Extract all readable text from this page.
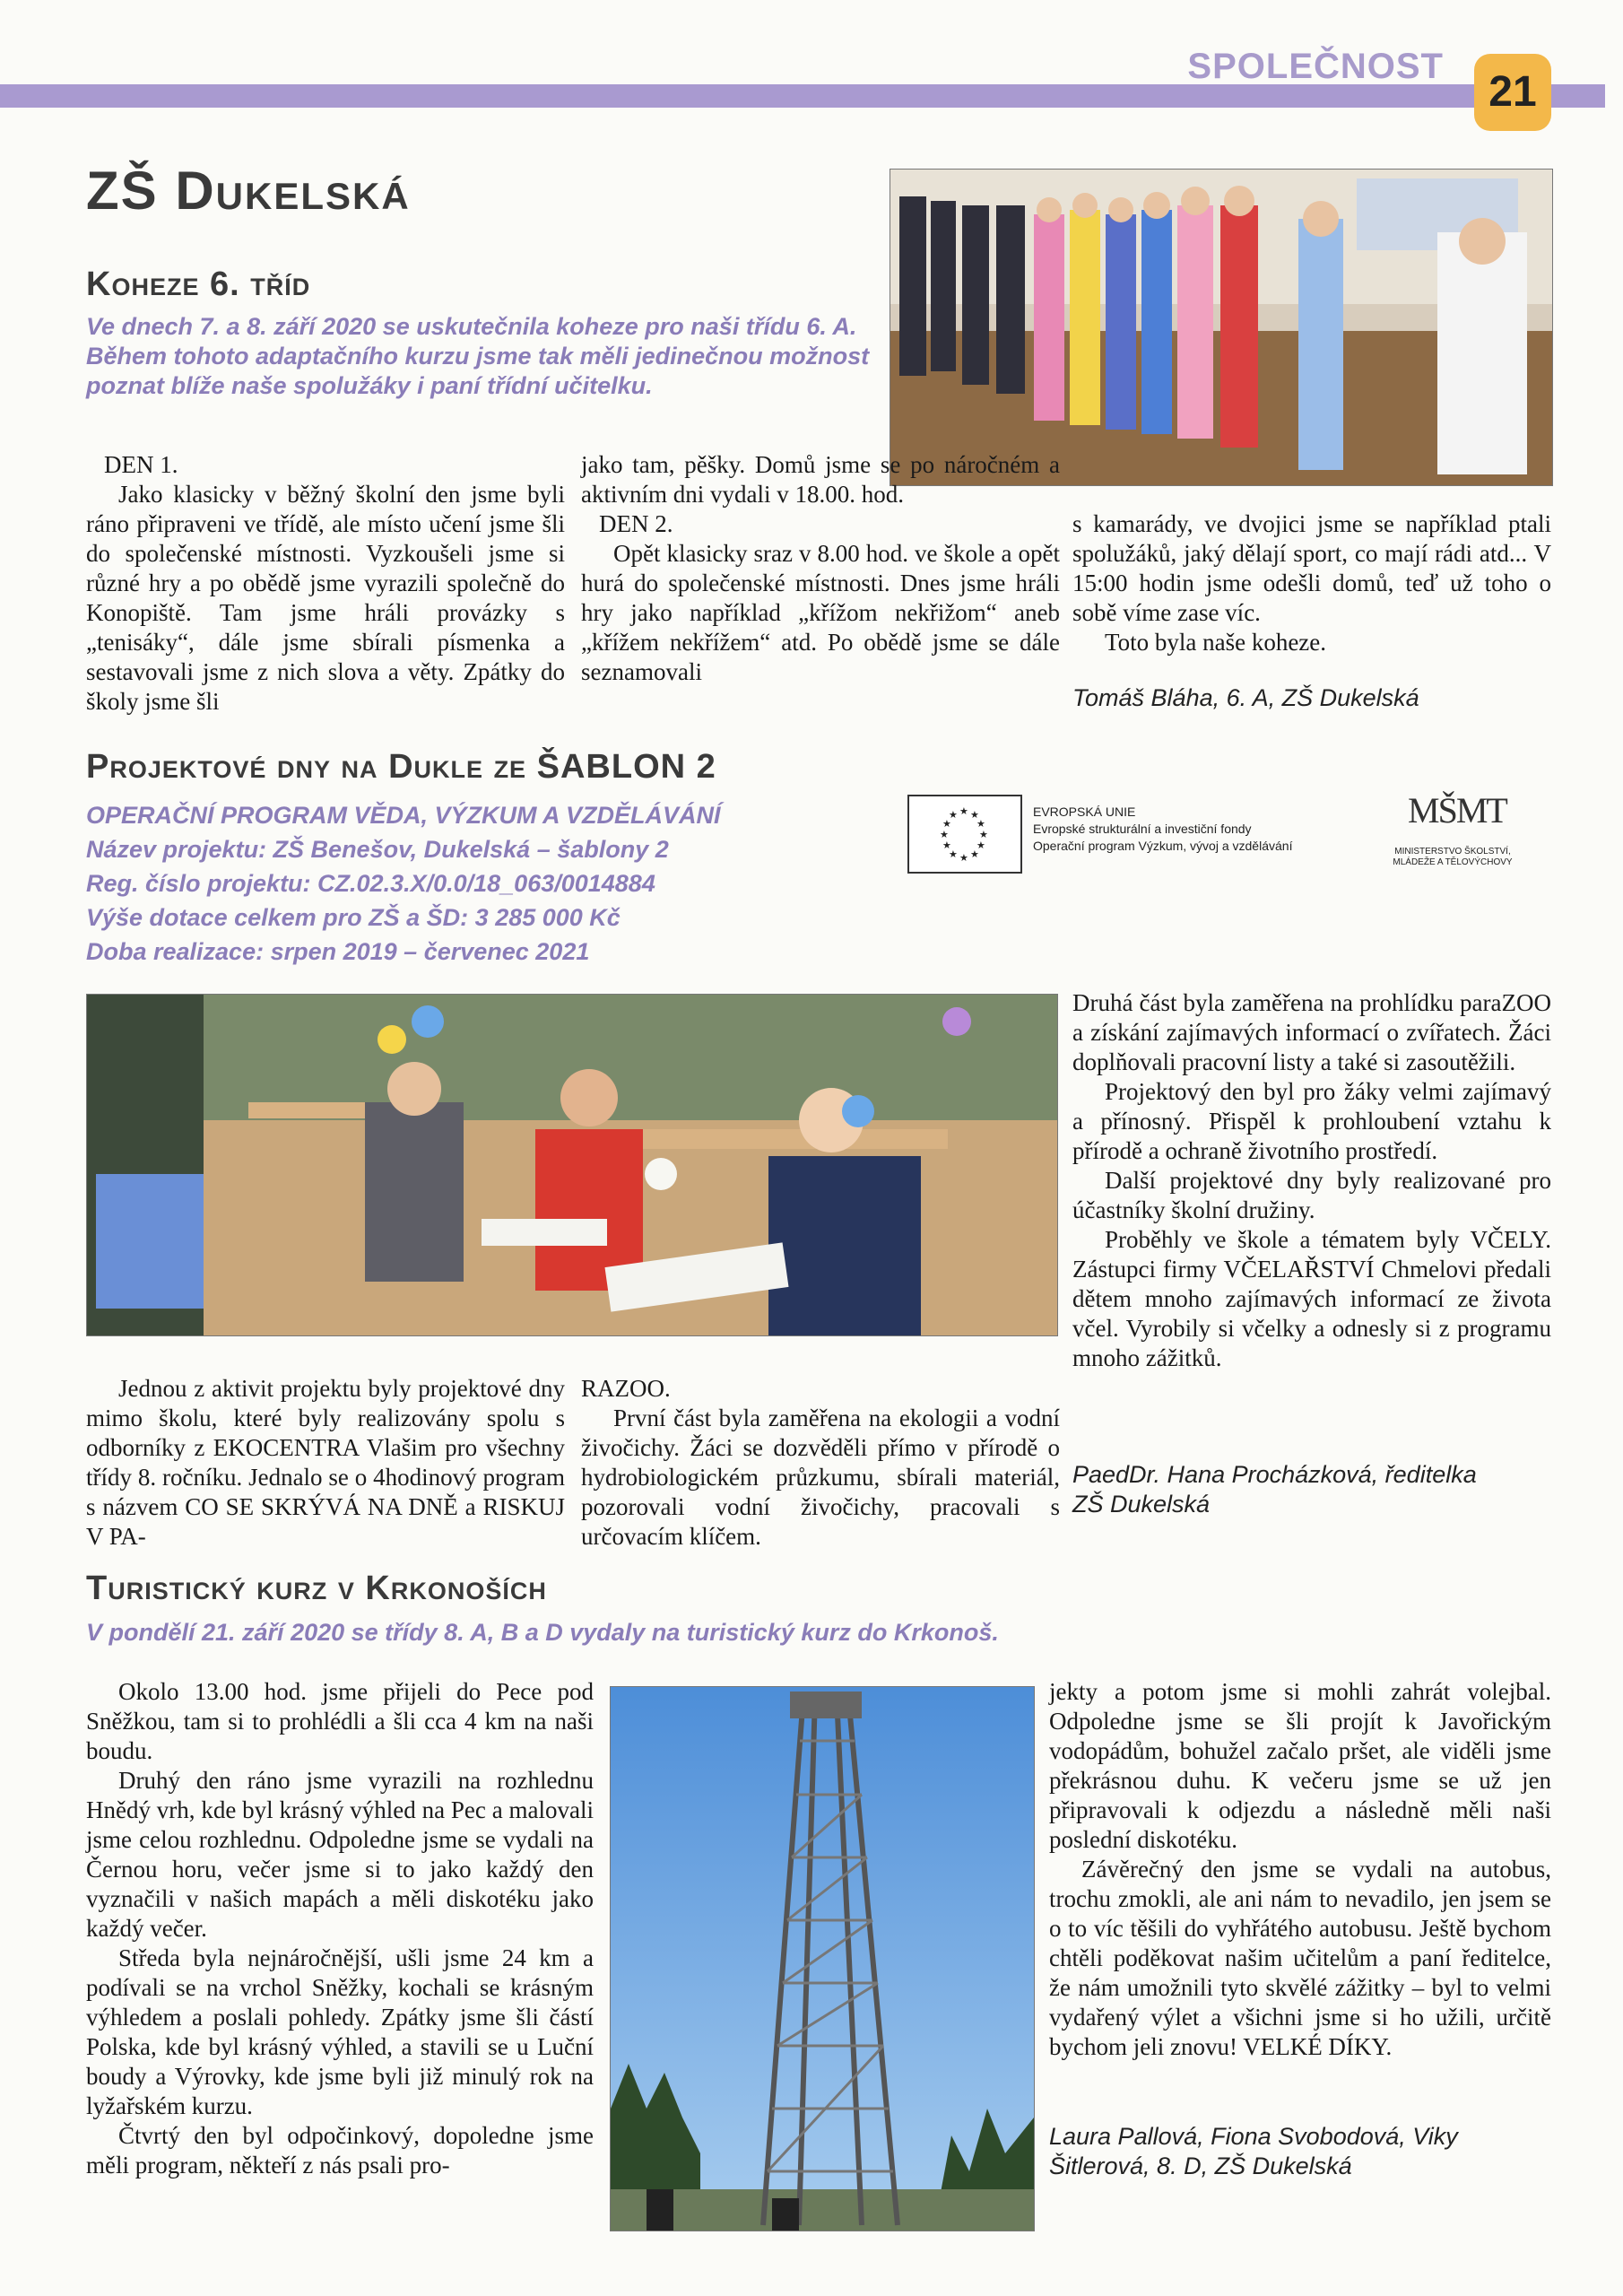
SPOLEČNOST
21
ZŠ Dukelská
Koheze 6. tříd
Ve dnech 7. a 8. září 2020 se uskutečnila koheze pro naši třídu 6. A. Během tohoto adaptačního kurzu jsme tak měli jedinečnou možnost poznat blíže naše spolužáky i paní třídní učitelku.

DEN 1.

Jako klasicky v běžný školní den jsme byli ráno připraveni ve třídě, ale místo učení jsme šli do společenské místnosti. Vyzkoušeli jsme si různé hry a po obědě jsme vyrazili společně do Konopiště. Tam jsme hráli provázky s „tenisáky“, dále jsme sbírali písmenka a sestavovali jsme z nich slova a věty. Zpátky do školy jsme šli

jako tam, pěšky. Domů jsme se po náročném a aktivním dni vydali v 18.00. hod.

DEN 2.

Opět klasicky sraz v 8.00 hod. ve škole a opět hurá do společenské místnosti. Dnes jsme hráli hry jako například „křížom nekřižom“ aneb „křížem nekřížem“ atd. Po obědě jsme se dále seznamovali

s kamarády, ve dvojici jsme se například ptali spolužáků, jaký dělají sport, co mají rádi atd... V 15:00 hodin jsme odešli domů, teď už toho o sobě víme zase víc.

Toto byla naše koheze.

Tomáš Bláha, 6. A, ZŠ Dukelská
Projektové dny na Dukle ze ŠABLON 2
OPERAČNÍ PROGRAM VĚDA, VÝZKUM A VZDĚLÁVÁNÍ
Název projektu: ZŠ Benešov, Dukelská – šablony 2
Reg. číslo projektu: CZ.02.3.X/0.0/18_063/0014884
Výše dotace celkem pro ZŠ a ŠD: 3 285 000 Kč
Doba realizace: srpen 2019 – červenec 2021
★ ★
★
★
★
★
★
★
★
★
★
★	EVROPSKÁ UNIE
Evropské strukturální a investiční fondy
Operační program Výzkum, vývoj a vzdělávání
MŠMT
MINISTERSTVO ŠKOLSTVÍ,
MLÁDEŽE A TĚLOVÝCHOVY

Jednou z aktivit projektu byly projektové dny mimo školu, které byly realizovány spolu s odborníky z EKOCENTRA Vlašim pro všechny třídy 8. ročníku. Jednalo se o 4hodinový program s názvem CO SE SKRÝVÁ NA DNĚ a RISKUJ V PA-

RAZOO.

První část byla zaměřena na ekologii a vodní živočichy. Žáci se dozvěděli přímo v přírodě o hydrobiologickém průzkumu, sbírali materiál, pozorovali vodní živočichy, pracovali s určovacím klíčem.

Druhá část byla zaměřena na prohlídku paraZOO a získání zajímavých informací o zvířatech. Žáci doplňovali pracovní listy a také si zasoutěžili.

Projektový den byl pro žáky velmi zajímavý a přínosný. Přispěl k prohloubení vztahu k přírodě a ochraně životního prostředí.

Další projektové dny byly realizované pro účastníky školní družiny.

Proběhly ve škole a tématem byly VČELY. Zástupci firmy VČELAŘSTVÍ Chmelovi předali dětem mnoho zajímavých informací ze života včel. Vyrobily si včelky a odnesly si z programu mnoho zážitků.

PaedDr. Hana Procházková, ředitelka
ZŠ Dukelská
Turistický kurz v Krkonoších
V pondělí 21. září 2020 se třídy 8. A, B a D vydaly na turistický kurz do Krkonoš.

Okolo 13.00 hod. jsme přijeli do Pece pod Sněžkou, tam si to prohlédli a šli cca 4 km na naši boudu.

Druhý den ráno jsme vyrazili na rozhlednu Hnědý vrh, kde byl krásný výhled na Pec a malovali jsme celou rozhlednu. Odpoledne jsme se vydali na Černou horu, večer jsme si to jako každý den vyznačili v našich mapách a měli diskotéku jako každý večer.

Středa byla nejnáročnější, ušli jsme 24 km a podívali se na vrchol Sněžky, kochali se krásným výhledem a poslali pohledy. Zpátky jsme šli částí Polska, kde byl krásný výhled, a stavili se u Luční boudy a Výrovky, kde jsme byli již minulý rok na lyžařském kurzu.

Čtvrtý den byl odpočinkový, dopoledne jsme měli program, někteří z nás psali pro-

jekty a potom jsme si mohli zahrát volejbal. Odpoledne jsme se šli projít k Javořickým vodopádům, bohužel začalo pršet, ale viděli jsme překrásnou duhu. K večeru jsme se už jen připravovali k odjezdu a následně měli naši poslední diskotéku.

Závěrečný den jsme se vydali na autobus, trochu zmokli, ale ani nám to nevadilo, jen jsem se o to víc těšili do vyhřátého autobusu. Ještě bychom chtěli poděkovat našim učitelům a paní ředitelce, že nám umožnili tyto skvělé zážitky – byl to velmi vydařený výlet a všichni jsme si ho užili, určitě bychom jeli znovu! VELKÉ DÍKY.

Laura Pallová, Fiona Svobodová, Viky
Šitlerová, 8. D, ZŠ Dukelská
